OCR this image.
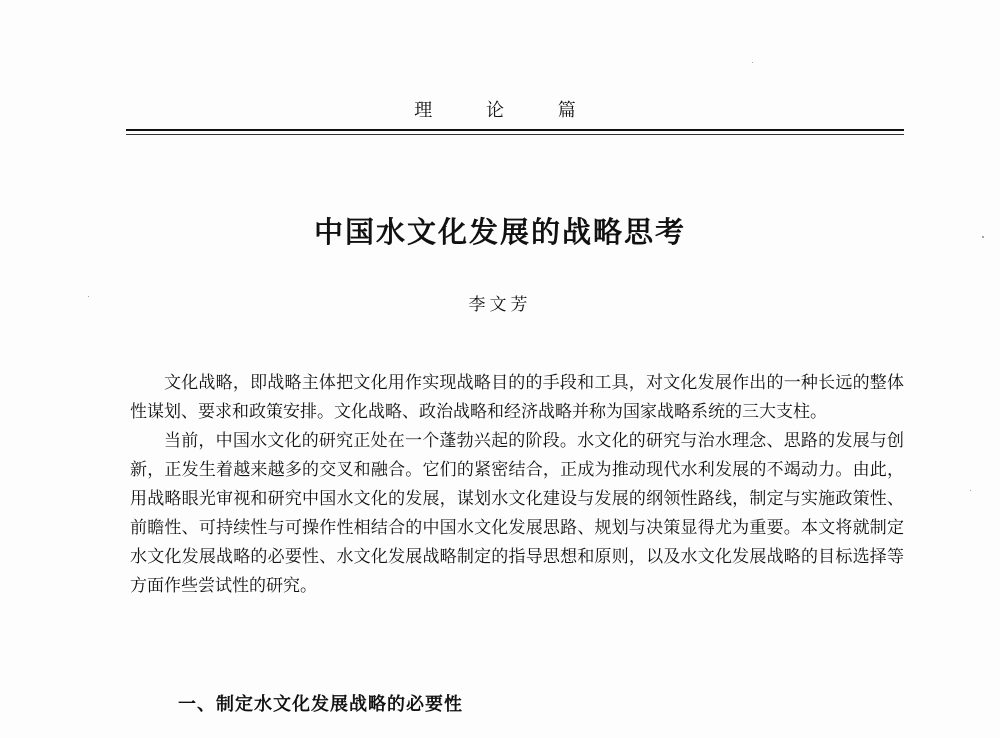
理 论 篇
中国水文化发展的战略思考
李文芳

文化战略，即战略主体把文化用作实现战略目的的手段和工具，对文化发展作出的一种长远的整体性谋划、要求和政策安排。文化战略、政治战略和经济战略并称为国家战略系统的三大支柱。

当前，中国水文化的研究正处在一个蓬勃兴起的阶段。水文化的研究与治水理念、思路的发展与创新，正发生着越来越多的交叉和融合。它们的紧密结合，正成为推动现代水利发展的不竭动力。由此，用战略眼光审视和研究中国水文化的发展，谋划水文化建设与发展的纲领性路线，制定与实施政策性、前瞻性、可持续性与可操作性相结合的中国水文化发展思路、规划与决策显得尤为重要。本文将就制定水文化发展战略的必要性、水文化发展战略制定的指导思想和原则，以及水文化发展战略的目标选择等方面作些尝试性的研究。

一、制定水文化发展战略的必要性
